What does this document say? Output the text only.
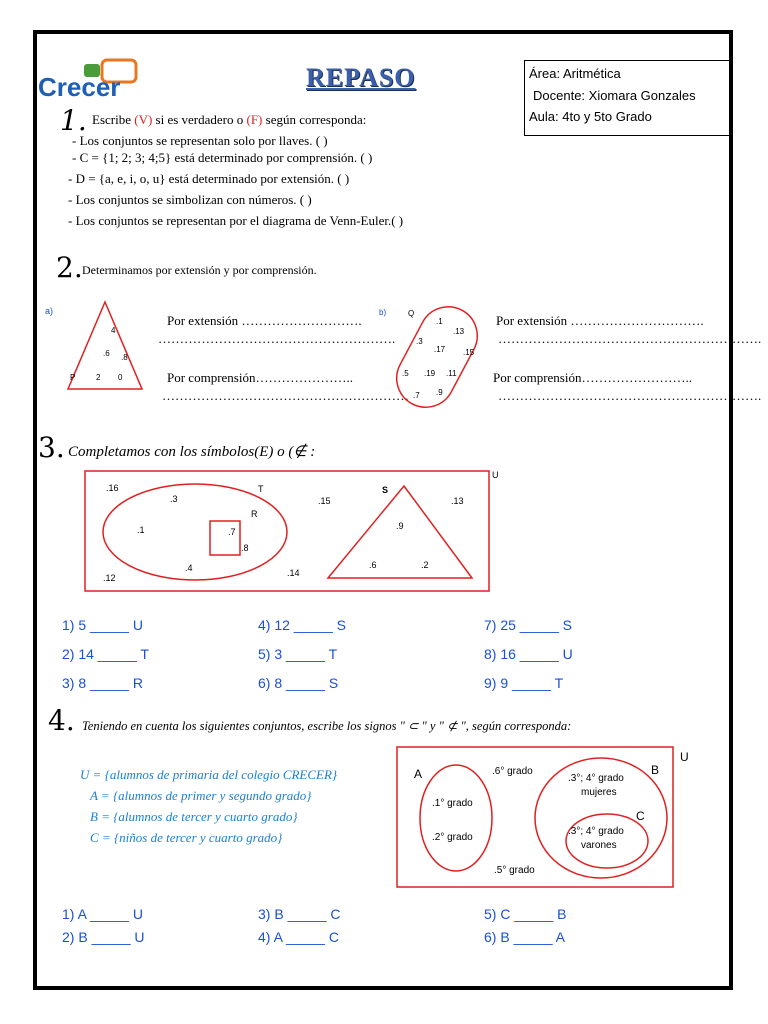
Crecer	REPASO	Área: Aritmética
Docente: Xiomara Gonzales
Aula: 4to y 5to Grado
1. Escribe (V) si es verdadero o (F) según corresponda:
- Los conjuntos se representan solo por llaves. ( )
- C = {1; 2; 3; 4;5} está determinado por comprensión. ( )
- D = {a, e, i, o, u} está determinado por extensión. ( )
- Los conjuntos se simbolizan con números. ( )
- Los conjuntos se representan por el diagrama de Venn-Euler.( )
2. Determinamos por extensión y por comprensión.
a)
P
4
.6 .8
2 0
Por extensión ……………………….
……………………………………………….
Por comprensión…………………..
…………………………………………………
b)	Q
.1
.13
.3
.17 .15
.5 .19 .11
.7 .9
Por extensión ………………………….
…………………………………………………….
Por comprensión……………………..
…………………………………………………….
3. Completamos con los símbolos(E) o (∉ :
U
T
R
S
.16
.3
.1	.7
.8
.4
.12	.14
.15
.9
.6	.2
.13
1) 5 _____ U	4) 12 _____ S	7) 25 _____ S
2) 14 _____ T	5) 3 _____ T	8) 16 _____ U
3) 8 _____ R	6) 8 _____ S	9) 9 _____ T
4. Teniendo en cuenta los siguientes conjuntos, escribe los signos " ⊂ " y " ⊄ ", según corresponda:
U = {alumnos de primaria del colegio CRECER}
A = {alumnos de primer y segundo grado}
B = {alumnos de tercer y cuarto grado}
C = {niños de tercer y cuarto grado}
U
A	B
C
.1° grado
.2° grado
.6° grado
.5° grado
.3°; 4° grado
mujeres
.3°; 4° grado
varones
1) A _____ U	3) B _____ C	5) C _____ B
2) B _____ U	4) A _____ C	6) B _____ A
